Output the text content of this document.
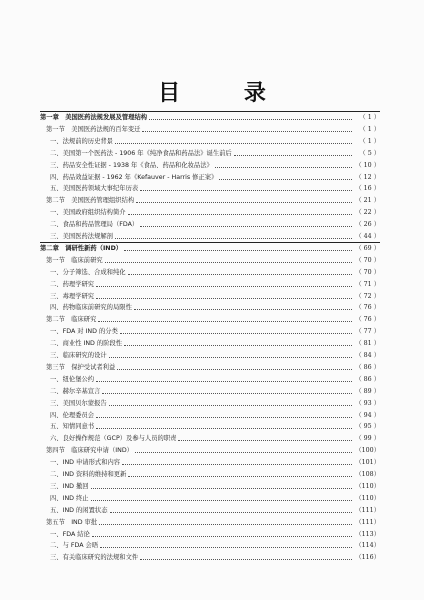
目 录
第一章　美国医药法规发展及管理结构	（ 1 ）
第一节　美国医药法规的百年变迁	（ 1 ）
一、法规前的历史背景	（ 1 ）
二、美国第一个医药法 - 1906 年《纯净食品和药品法》诞生前后	（ 5 ）
三、药品安全性证据 - 1938 年《食品、药品和化妆品法》	（ 10 ）
四、药品效益证据 - 1962 年《Kefauver - Harris 修正案》	（ 12 ）
五、美国医药领域大事纪年历表	（ 16 ）
第二节　美国医药管理组织结构	（ 21 ）
一、美国政府组织结构简介	（ 22 ）
二、食品和药品管理局（FDA）	（ 26 ）
三、美国医药法规解剖	（ 44 ）
第二章　调研性新药（IND）	（ 69 ）
第一节　临床前研究	（ 70 ）
一、分子筛选、合成和纯化	（ 70 ）
二、药理学研究	（ 71 ）
三、毒理学研究	（ 72 ）
四、药物临床前研究的局限性	（ 76 ）
第二节　临床研究	（ 76 ）
一、FDA 对 IND 的分类	（ 77 ）
二、商业性 IND 的阶段性	（ 81 ）
三、临床研究的设计	（ 84 ）
第三节　保护受试者利益	（ 86 ）
一、纽伦堡公约	（ 86 ）
二、赫尔辛基宣言	（ 89 ）
三、美国贝尔蒙报告	（ 93 ）
四、伦理委员会	（ 94 ）
五、知情同意书	（ 95 ）
六、良好操作规范（GCP）及参与人员的职责	（ 99 ）
第四节　临床研究申请（IND）	（100）
一、IND 申请形式和内容	（101）
二、IND 资料的维持和更新	（108）
三、IND 撤回	（110）
四、IND 终止	（110）
五、IND 的闲置状态	（111）
第五节　IND 审批	（111）
一、FDA 結论	（113）
二、与 FDA 会晤	（114）
三、有关临床研究的法规和文件	（116）
